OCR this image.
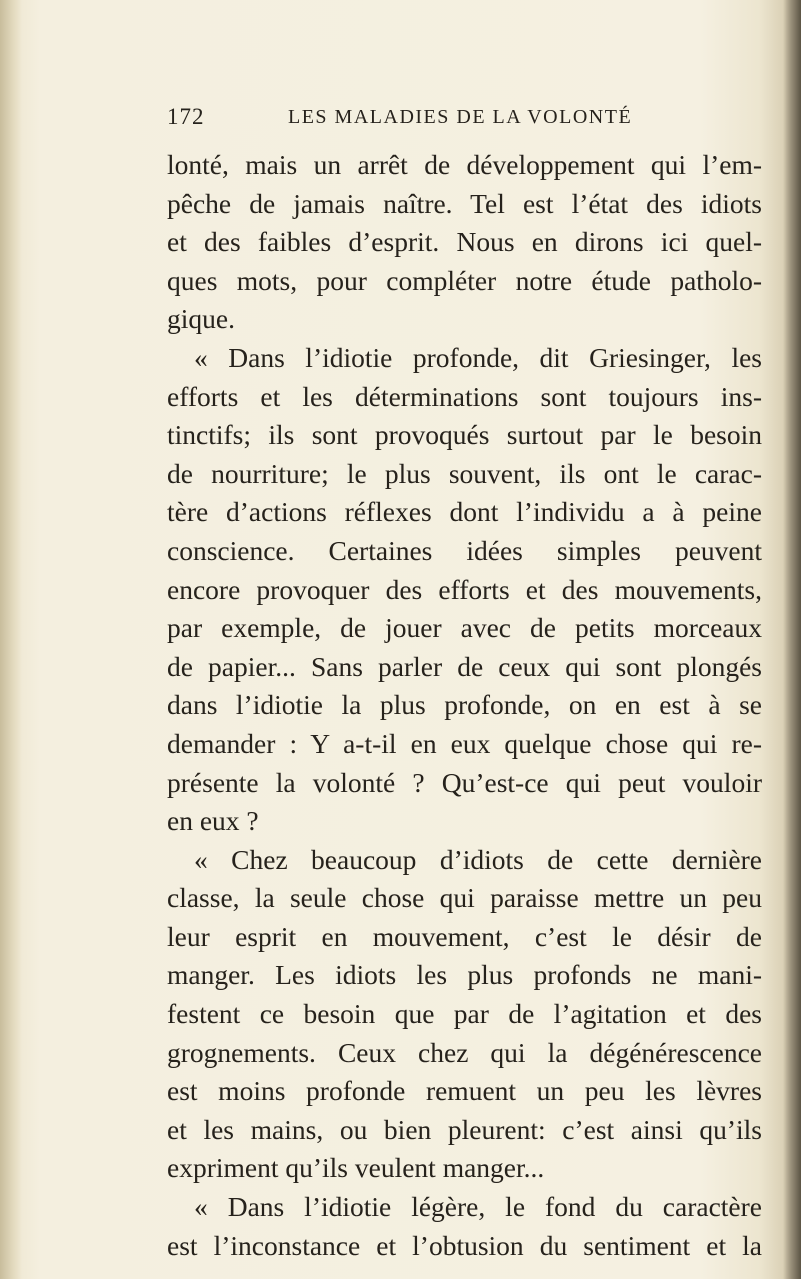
172	LES MALADIES DE LA VOLONTÉ
lonté, mais un arrêt de développement qui l’em-
pêche de jamais naître. Tel est l’état des idiots
et des faibles d’esprit. Nous en dirons ici quel-
ques mots, pour compléter notre étude patholo-
gique.
« Dans l’idiotie profonde, dit Griesinger, les
efforts et les déterminations sont toujours ins-
tinctifs; ils sont provoqués surtout par le besoin
de nourriture; le plus souvent, ils ont le carac-
tère d’actions réflexes dont l’individu a à peine
conscience. Certaines idées simples peuvent
encore provoquer des efforts et des mouvements,
par exemple, de jouer avec de petits morceaux
de papier... Sans parler de ceux qui sont plongés
dans l’idiotie la plus profonde, on en est à se
demander : Y a-t-il en eux quelque chose qui re-
présente la volonté ? Qu’est-ce qui peut vouloir
en eux ?
« Chez beaucoup d’idiots de cette dernière
classe, la seule chose qui paraisse mettre un peu
leur esprit en mouvement, c’est le désir de
manger. Les idiots les plus profonds ne mani-
festent ce besoin que par de l’agitation et des
grognements. Ceux chez qui la dégénérescence
est moins profonde remuent un peu les lèvres
et les mains, ou bien pleurent: c’est ainsi qu’ils
expriment qu’ils veulent manger...
« Dans l’idiotie légère, le fond du caractère
est l’inconstance et l’obtusion du sentiment et la
